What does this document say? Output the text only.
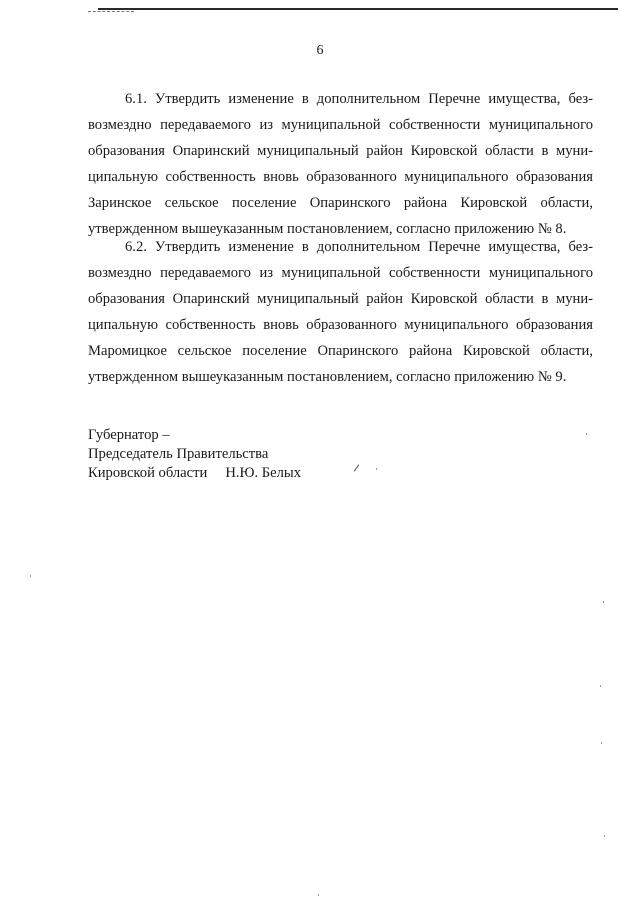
6
6.1. Утвердить изменение в дополнительном Перечне имущества, без-
возмездно передаваемого из муниципальной собственности муниципального
образования Опаринский муниципальный район Кировской области в муни-
ципальную собственность вновь образованного муниципального образования
Заринское сельское поселение Опаринского района Кировской области,
утвержденном вышеуказанным постановлением, согласно приложению № 8.
6.2. Утвердить изменение в дополнительном Перечне имущества, без-
возмездно передаваемого из муниципальной собственности муниципального
образования Опаринский муниципальный район Кировской области в муни-
ципальную собственность вновь образованного муниципального образования
Маромицкое сельское поселение Опаринского района Кировской области,
утвержденном вышеуказанным постановлением, согласно приложению № 9.
Губернатор –
Председатель Правительства
Кировской области Н.Ю. Белых
